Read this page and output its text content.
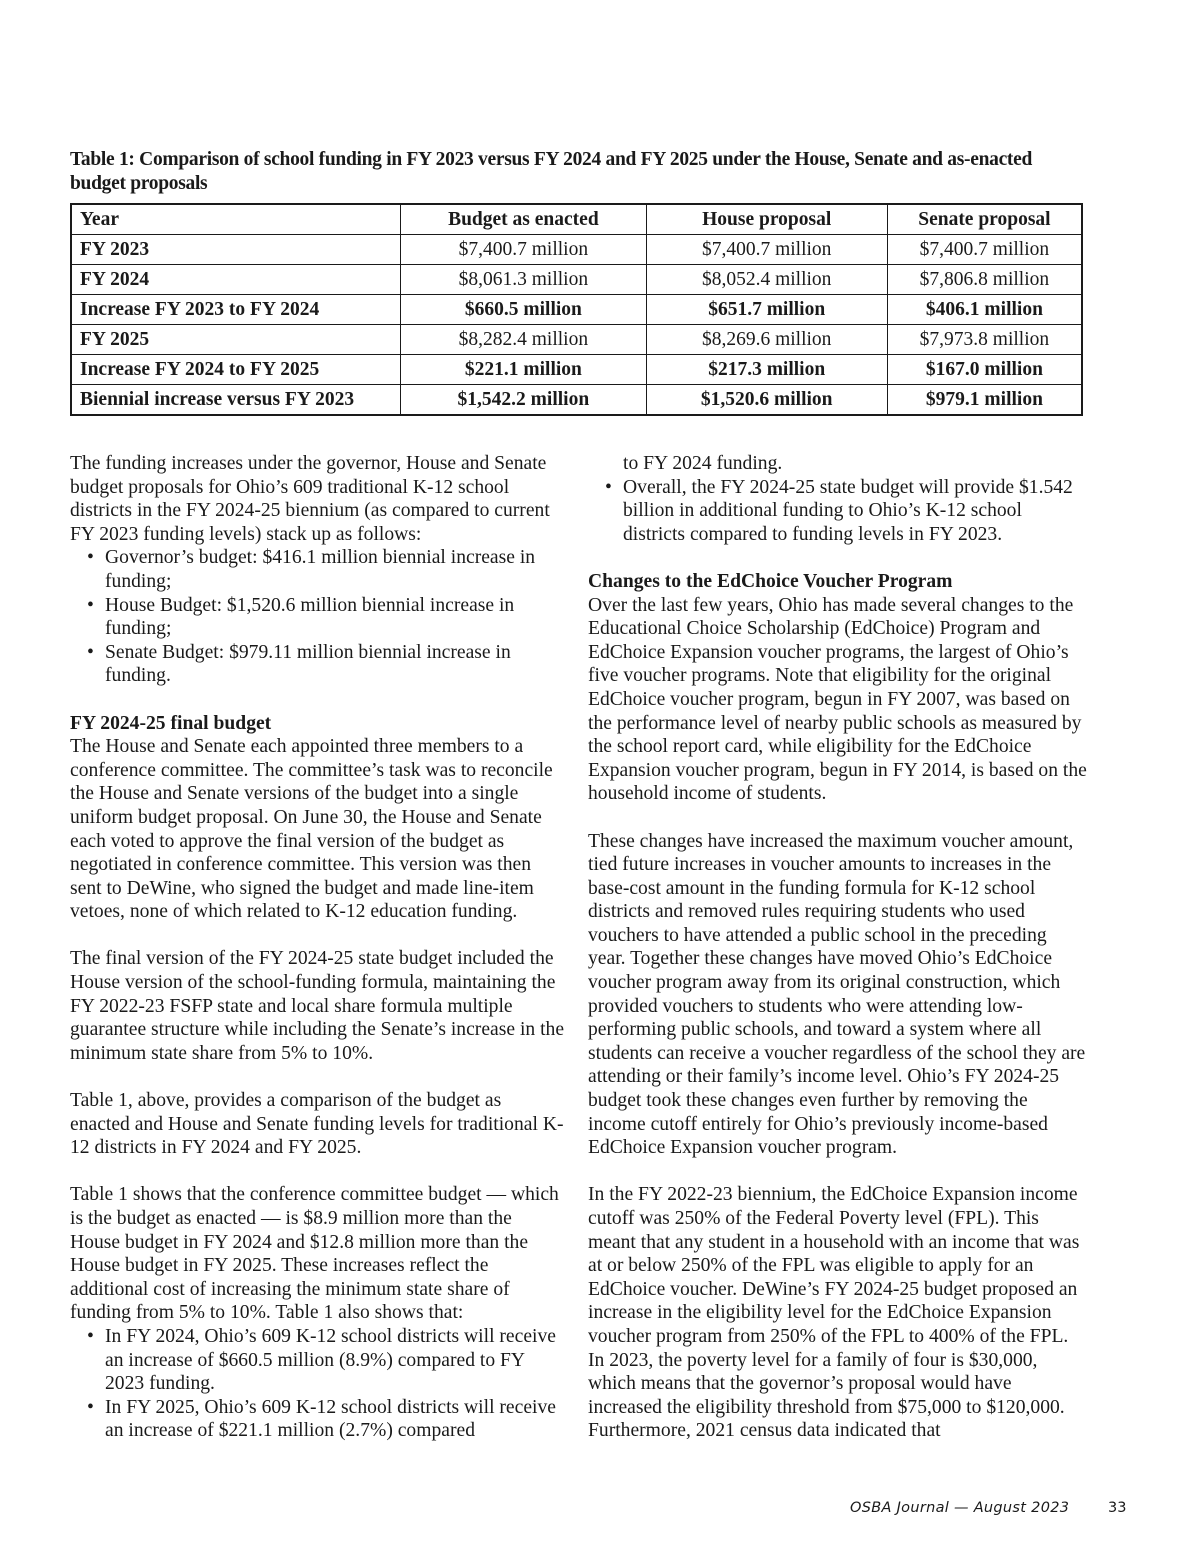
Table 1: Comparison of school funding in FY 2023 versus FY 2024 and FY 2025 under the House, Senate and as-enacted budget proposals
Year	Budget as enacted	House proposal	Senate proposal
FY 2023	$7,400.7 million	$7,400.7 million	$7,400.7 million
FY 2024	$8,061.3 million	$8,052.4 million	$7,806.8 million
Increase FY 2023 to FY 2024	$660.5 million	$651.7 million	$406.1 million
FY 2025	$8,282.4 million	$8,269.6 million	$7,973.8 million
Increase FY 2024 to FY 2025	$221.1 million	$217.3 million	$167.0 million
Biennial increase versus FY 2023	$1,542.2 million	$1,520.6 million	$979.1 million

The funding increases under the governor, House and Senate budget proposals for Ohio’s 609 traditional K-12 school districts in the FY 2024-25 biennium (as compared to current FY 2023 funding levels) stack up as follows:

• Governor’s budget: $416.1 million biennial increase in funding;
• House Budget: $1,520.6 million biennial increase in funding;
• Senate Budget: $979.11 million biennial increase in funding.
FY 2024-25 final budget

The House and Senate each appointed three members to a conference committee. The committee’s task was to reconcile the House and Senate versions of the budget into a single uniform budget proposal. On June 30, the House and Senate each voted to approve the final version of the budget as negotiated in conference committee. This version was then sent to DeWine, who signed the budget and made line-item vetoes, none of which related to K-12 education funding.

The final version of the FY 2024-25 state budget included the House version of the school-funding formula, maintaining the FY 2022-23 FSFP state and local share formula multiple guarantee structure while including the Senate’s increase in the minimum state share from 5% to 10%.

Table 1, above, provides a comparison of the budget as enacted and House and Senate funding levels for traditional K-12 districts in FY 2024 and FY 2025.

Table 1 shows that the conference committee budget — which is the budget as enacted — is $8.9 million more than the House budget in FY 2024 and $12.8 million more than the House budget in FY 2025. These increases reflect the additional cost of increasing the minimum state share of funding from 5% to 10%. Table 1 also shows that:

• In FY 2024, Ohio’s 609 K-12 school districts will receive an increase of $660.5 million (8.9%) compared to FY 2023 funding.
• In FY 2025, Ohio’s 609 K-12 school districts will receive an increase of $221.1 million (2.7%) compared

to FY 2024 funding.

• Overall, the FY 2024-25 state budget will provide $1.542 billion in additional funding to Ohio’s K-12 school districts compared to funding levels in FY 2023.
Changes to the EdChoice Voucher Program

Over the last few years, Ohio has made several changes to the Educational Choice Scholarship (EdChoice) Program and EdChoice Expansion voucher programs, the largest of Ohio’s five voucher programs. Note that eligibility for the original EdChoice voucher program, begun in FY 2007, was based on the performance level of nearby public schools as measured by the school report card, while eligibility for the EdChoice Expansion voucher program, begun in FY 2014, is based on the household income of students.

These changes have increased the maximum voucher amount, tied future increases in voucher amounts to increases in the base-cost amount in the funding formula for K-12 school districts and removed rules requiring students who used vouchers to have attended a public school in the preceding year. Together these changes have moved Ohio’s EdChoice voucher program away from its original construction, which provided vouchers to students who were attending low-performing public schools, and toward a system where all students can receive a voucher regardless of the school they are attending or their family’s income level. Ohio’s FY 2024-25 budget took these changes even further by removing the income cutoff entirely for Ohio’s previously income-based EdChoice Expansion voucher program.

In the FY 2022-23 biennium, the EdChoice Expansion income cutoff was 250% of the Federal Poverty level (FPL). This meant that any student in a household with an income that was at or below 250% of the FPL was eligible to apply for an EdChoice voucher. DeWine’s FY 2024-25 budget proposed an increase in the eligibility level for the EdChoice Expansion voucher program from 250% of the FPL to 400% of the FPL. In 2023, the poverty level for a family of four is $30,000, which means that the governor’s proposal would have increased the eligibility threshold from $75,000 to $120,000. Furthermore, 2021 census data indicated that

OSBA Journal — August 2023	33
